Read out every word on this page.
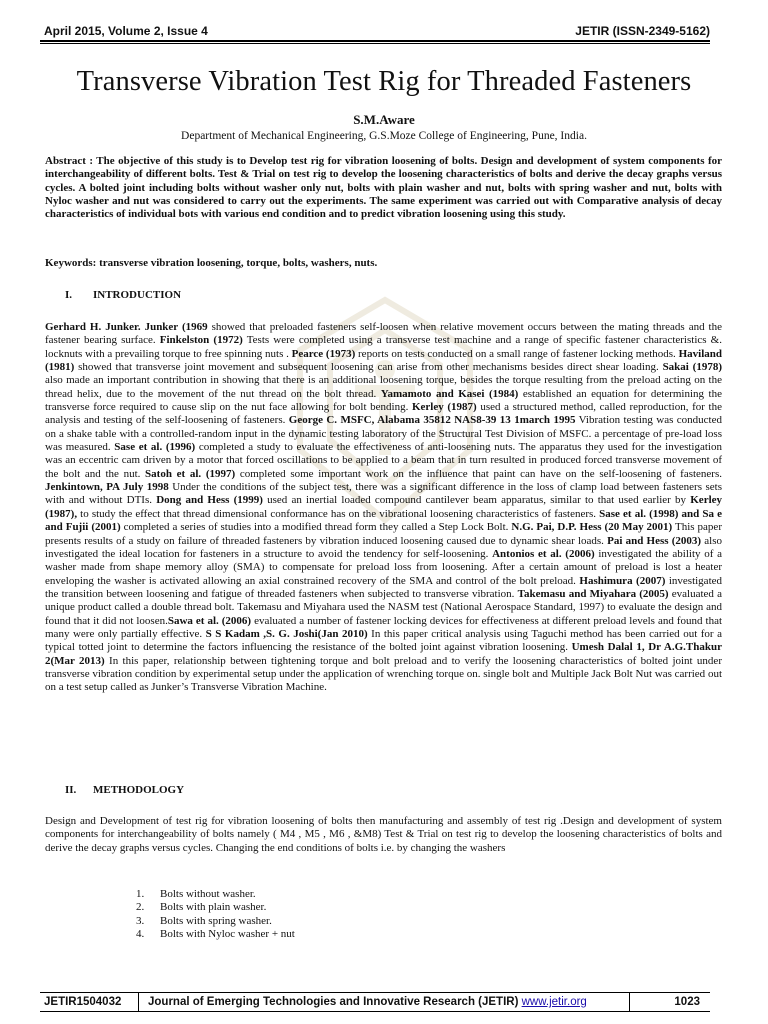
April 2015, Volume 2, Issue 4	JETIR (ISSN-2349-5162)
Transverse Vibration Test Rig for Threaded Fasteners
S.M.Aware
Department of Mechanical Engineering, G.S.Moze College of Engineering, Pune, India.
Abstract : The objective of this study is to Develop test rig for vibration loosening of bolts. Design and development of system components for interchangeability of different bolts. Test & Trial on test rig to develop the loosening characteristics of bolts and derive the decay graphs versus cycles. A bolted joint including bolts without washer only nut, bolts with plain washer and nut, bolts with spring washer and nut, bolts with Nyloc washer and nut was considered to carry out the experiments. The same experiment was carried out with Comparative analysis of decay characteristics of individual bots with various end condition and to predict vibration loosening using this study.
Keywords: transverse vibration loosening, torque, bolts, washers, nuts.
I. INTRODUCTION
Gerhard H. Junker. Junker (1969 showed that preloaded fasteners self-loosen when relative movement occurs between the mating threads and the fastener bearing surface. Finkelston (1972) Tests were completed using a transverse test machine and a range of specific fastener characteristics &. locknuts with a prevailing torque to free spinning nuts . Pearce (1973) reports on tests conducted on a small range of fastener locking methods. Haviland (1981) showed that transverse joint movement and subsequent loosening can arise from other mechanisms besides direct shear loading. Sakai (1978) also made an important contribution in showing that there is an additional loosening torque, besides the torque resulting from the preload acting on the thread helix, due to the movement of the nut thread on the bolt thread. Yamamoto and Kasei (1984) established an equation for determining the transverse force required to cause slip on the nut face allowing for bolt bending. Kerley (1987) used a structured method, called reproduction, for the analysis and testing of the self-loosening of fasteners. George C. MSFC, Alabama 35812 NAS8-39 13 1march 1995 Vibration testing was conducted on a shake table with a controlled-random input in the dynamic testing laboratory of the Structural Test Division of MSFC. a percentage of pre-load loss was measured. Sase et al. (1996) completed a study to evaluate the effectiveness of anti-loosening nuts. The apparatus they used for the investigation was an eccentric cam driven by a motor that forced oscillations to be applied to a beam that in turn resulted in produced forced transverse movement of the bolt and the nut. Satoh et al. (1997) completed some important work on the influence that paint can have on the self-loosening of fasteners. Jenkintown, PA July 1998 Under the conditions of the subject test, there was a significant difference in the loss of clamp load between fasteners sets with and without DTIs. Dong and Hess (1999) used an inertial loaded compound cantilever beam apparatus, similar to that used earlier by Kerley (1987), to study the effect that thread dimensional conformance has on the vibrational loosening characteristics of fasteners. Sase et al. (1998) and Sa e and Fujii (2001) completed a series of studies into a modified thread form they called a Step Lock Bolt. N.G. Pai, D.P. Hess (20 May 2001) This paper presents results of a study on failure of threaded fasteners by vibration induced loosening caused due to dynamic shear loads. Pai and Hess (2003) also investigated the ideal location for fasteners in a structure to avoid the tendency for self-loosening. Antonios et al. (2006) investigated the ability of a washer made from shape memory alloy (SMA) to compensate for preload loss from loosening. After a certain amount of preload is lost a heater enveloping the washer is activated allowing an axial constrained recovery of the SMA and control of the bolt preload. Hashimura (2007) investigated the transition between loosening and fatigue of threaded fasteners when subjected to transverse vibration. Takemasu and Miyahara (2005) evaluated a unique product called a double thread bolt. Takemasu and Miyahara used the NASM test (National Aerospace Standard, 1997) to evaluate the design and found that it did not loosen.Sawa et al. (2006) evaluated a number of fastener locking devices for effectiveness at different preload levels and found that many were only partially effective. S S Kadam ,S. G. Joshi(Jan 2010) In this paper critical analysis using Taguchi method has been carried out for a typical totted joint to determine the factors influencing the resistance of the bolted joint against vibration loosening. Umesh Dalal 1, Dr A.G.Thakur 2(Mar 2013) In this paper, relationship between tightening torque and bolt preload and to verify the loosening characteristics of bolted joint under transverse vibration condition by experimental setup under the application of wrenching torque on. single bolt and Multiple Jack Bolt Nut was carried out on a test setup called as Junker’s Transverse Vibration Machine.
II. METHODOLOGY
Design and Development of test rig for vibration loosening of bolts then manufacturing and assembly of test rig .Design and development of system components for interchangeability of bolts namely ( M4 , M5 , M6 , &M8) Test & Trial on test rig to develop the loosening characteristics of bolts and derive the decay graphs versus cycles. Changing the end conditions of bolts i.e. by changing the washers
1.	Bolts without washer.
2.	Bolts with plain washer.
3.	Bolts with spring washer.
4.	Bolts with Nyloc washer + nut
JETIR1504032 Journal of Emerging Technologies and Innovative Research (JETIR) www.jetir.org	1023
